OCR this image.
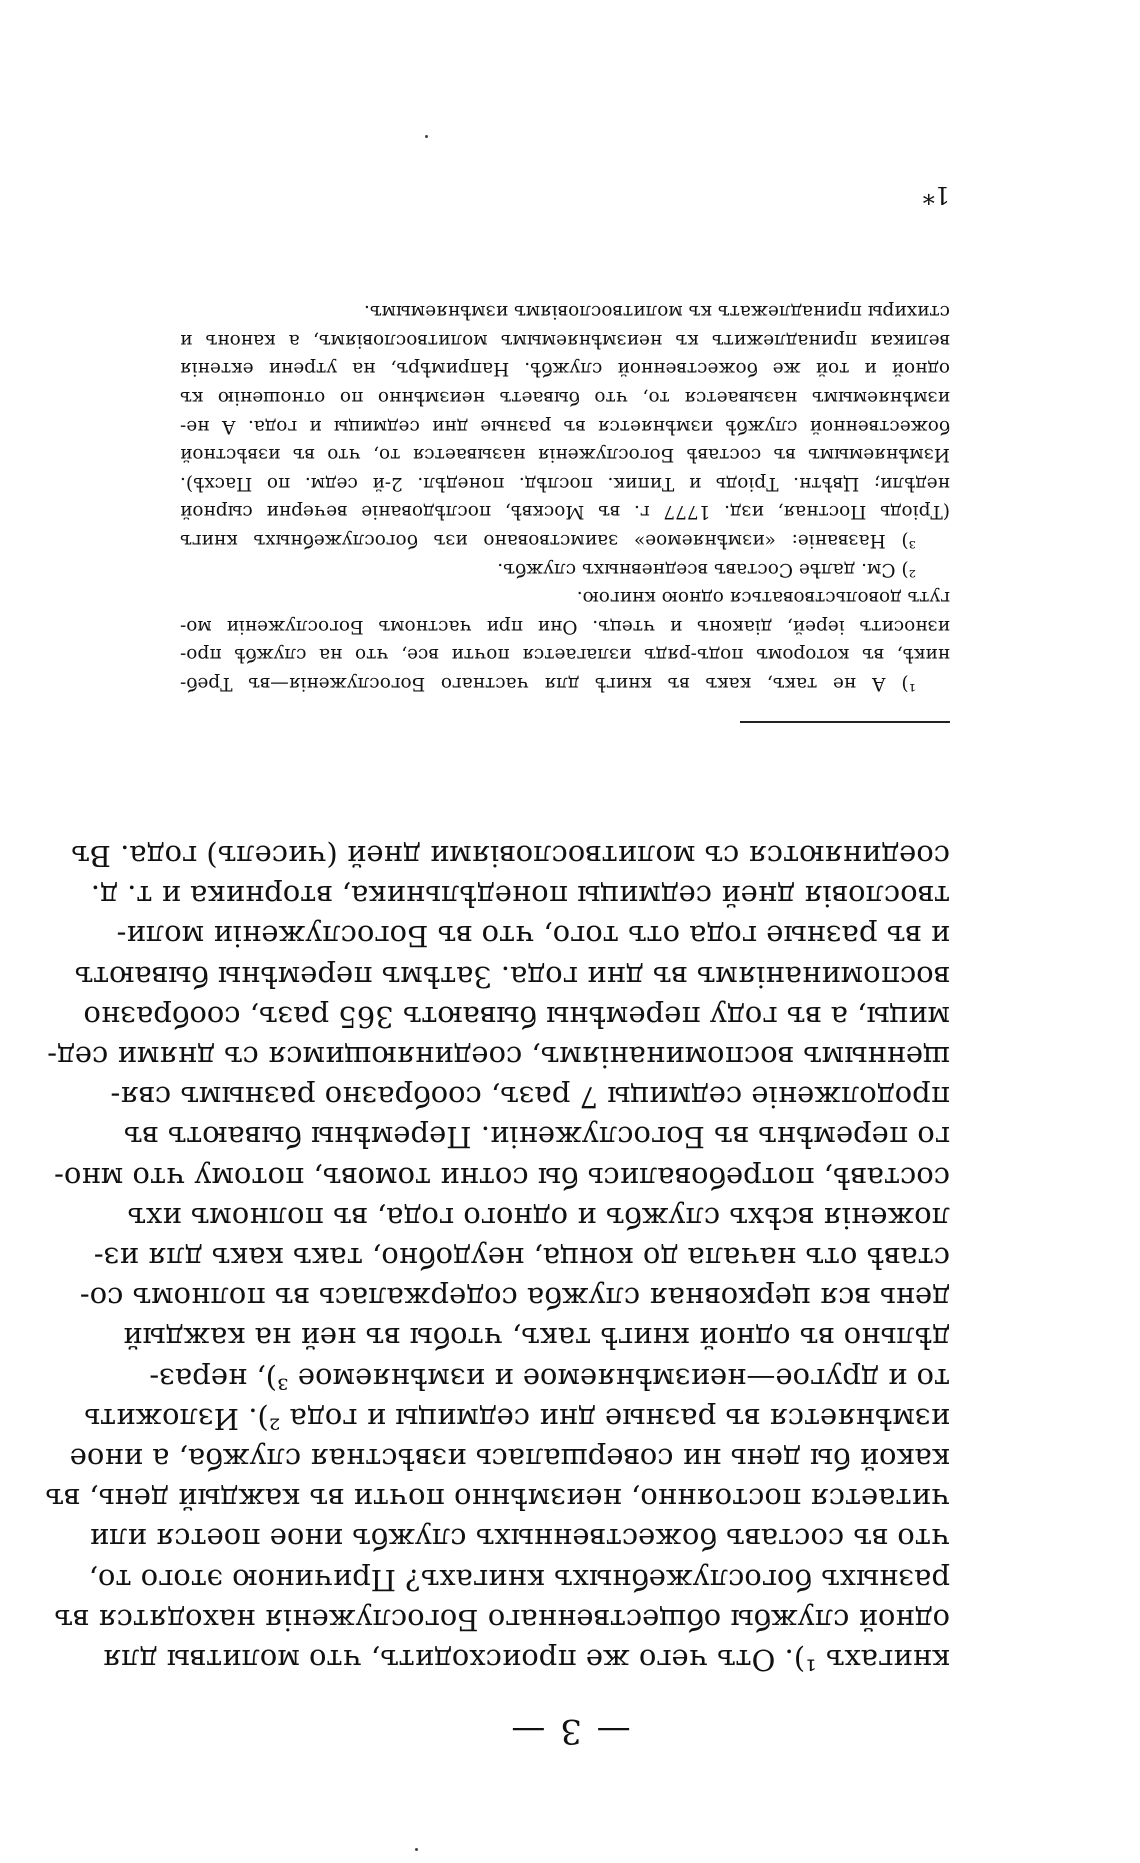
— 3 —
книгахъ ¹). Отъ чего же происходитъ, что молитвы для
одной службы общественнаго Богослуженія находятся въ
разныхъ богослужебныхъ книгахъ? Причиною этого то,
что въ составъ божественныхъ службъ иное поется или
читается постоянно, неизмѣнно почти въ каждый день, въ
какой бы день ни совершалась извѣстная служба, а иное
измѣняется въ разные дни седмицы и года ²). Изложить
то и другое—неизмѣняемое и измѣняемое ³), нераз-
дѣльно въ одной книгѣ такъ, чтобы въ ней на каждый
день вся церковная служба содержалась въ полномъ со-
ставѣ отъ начала до конца, неудобно, такъ какъ для из-
ложенія всѣхъ службъ и одного года, въ полномъ ихъ
составѣ, потребовались бы сотни томовъ, потому что мно-
го перемѣнъ въ Богослуженіи. Перемѣны бываютъ въ
продолженіе седмицы 7 разъ, сообразно разнымъ свя-
щеннымъ воспоминаніямъ, соединяющимся съ днями сед-
мицы, а въ году перемѣны бываютъ 365 разъ, сообразно
воспоминаніямъ въ дни года. Затѣмъ перемѣны бываютъ
и въ разные года отъ того, что въ Богослуженіи моли-
твословія дней седмицы понедѣльника, вторника и т. д.
соединяются съ молитвословіями дней (чиселъ) года. Въ
¹) А не такъ, какъ въ книгѣ для частнаго Богослуженія—въ Треб-
никѣ, въ которомъ подъ-рядъ излагается почти все, что на службѣ про-
износитъ іерей, діаконъ и чтецъ. Они при частномъ Богослуженіи мо-
гутъ довольствоваться одною книгою.
²) См. далѣе Составъ вседневныхъ службъ.
³) Названіе: «измѣняемое» заимствовано изъ богослужебныхъ книгъ
(Тріодь Постная, изд. 1777 г. въ Москвѣ, послѣдованіе вечерни сырной
недѣли; Цвѣтн. Тріодь и Типик. послѣд. понедѣл. 2-й седм. по Пасхѣ).
Измѣняемымъ въ составѣ Богослуженія называется то, что въ извѣстной
божественной службѣ измѣняется въ разные дни седмицы и года. А не-
измѣняемымъ называется то, что бываетъ неизмѣнно по отношенію къ
одной и той же божественной службѣ. Напримѣръ, на утрени ектенія
великая принадлежитъ къ неизмѣняемымъ молитвословіямъ, а канонъ и
стихиры принадлежатъ къ молитвословіямъ измѣняемымъ.
1*
